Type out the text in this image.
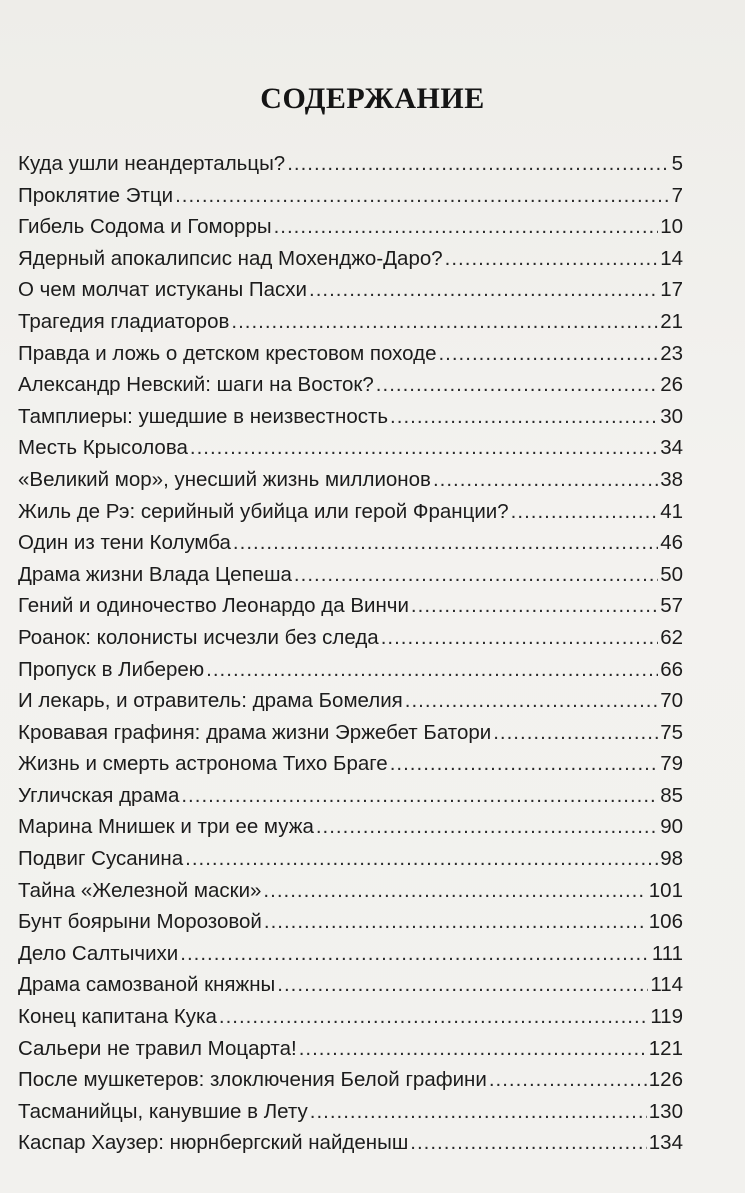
СОДЕРЖАНИЕ
Куда ушли неандертальцы? .....	5
Проклятие Этци .....	7
Гибель Содома и Гоморры .....	10
Ядерный апокалипсис над Мохенджо-Даро? .....	14
О чем молчат истуканы Пасхи .....	17
Трагедия гладиаторов .....	21
Правда и ложь о детском крестовом походе .....	23
Александр Невский: шаги на Восток? .....	26
Тамплиеры: ушедшие в неизвестность .....	30
Месть Крысолова .....	34
«Великий мор», унесший жизнь миллионов .....	38
Жиль де Рэ: серийный убийца или герой Франции? .....	41
Один из тени Колумба .....	46
Драма жизни Влада Цепеша .....	50
Гений и одиночество Леонардо да Винчи .....	57
Роанок: колонисты исчезли без следа .....	62
Пропуск в Либерею .....	66
И лекарь, и отравитель: драма Бомелия .....	70
Кровавая графиня: драма жизни Эржебет Батори .....	75
Жизнь и смерть астронома Тихо Браге .....	79
Угличская драма .....	85
Марина Мнишек и три ее мужа .....	90
Подвиг Сусанина .....	98
Тайна «Железной маски» .....	101
Бунт боярыни Морозовой .....	106
Дело Салтычихи .....	111
Драма самозваной княжны .....	114
Конец капитана Кука .....	119
Сальери не травил Моцарта! .....	121
После мушкетеров: злоключения Белой графини .....	126
Тасманийцы, канувшие в Лету .....	130
Каспар Хаузер: нюрнбергский найденыш .....	134
